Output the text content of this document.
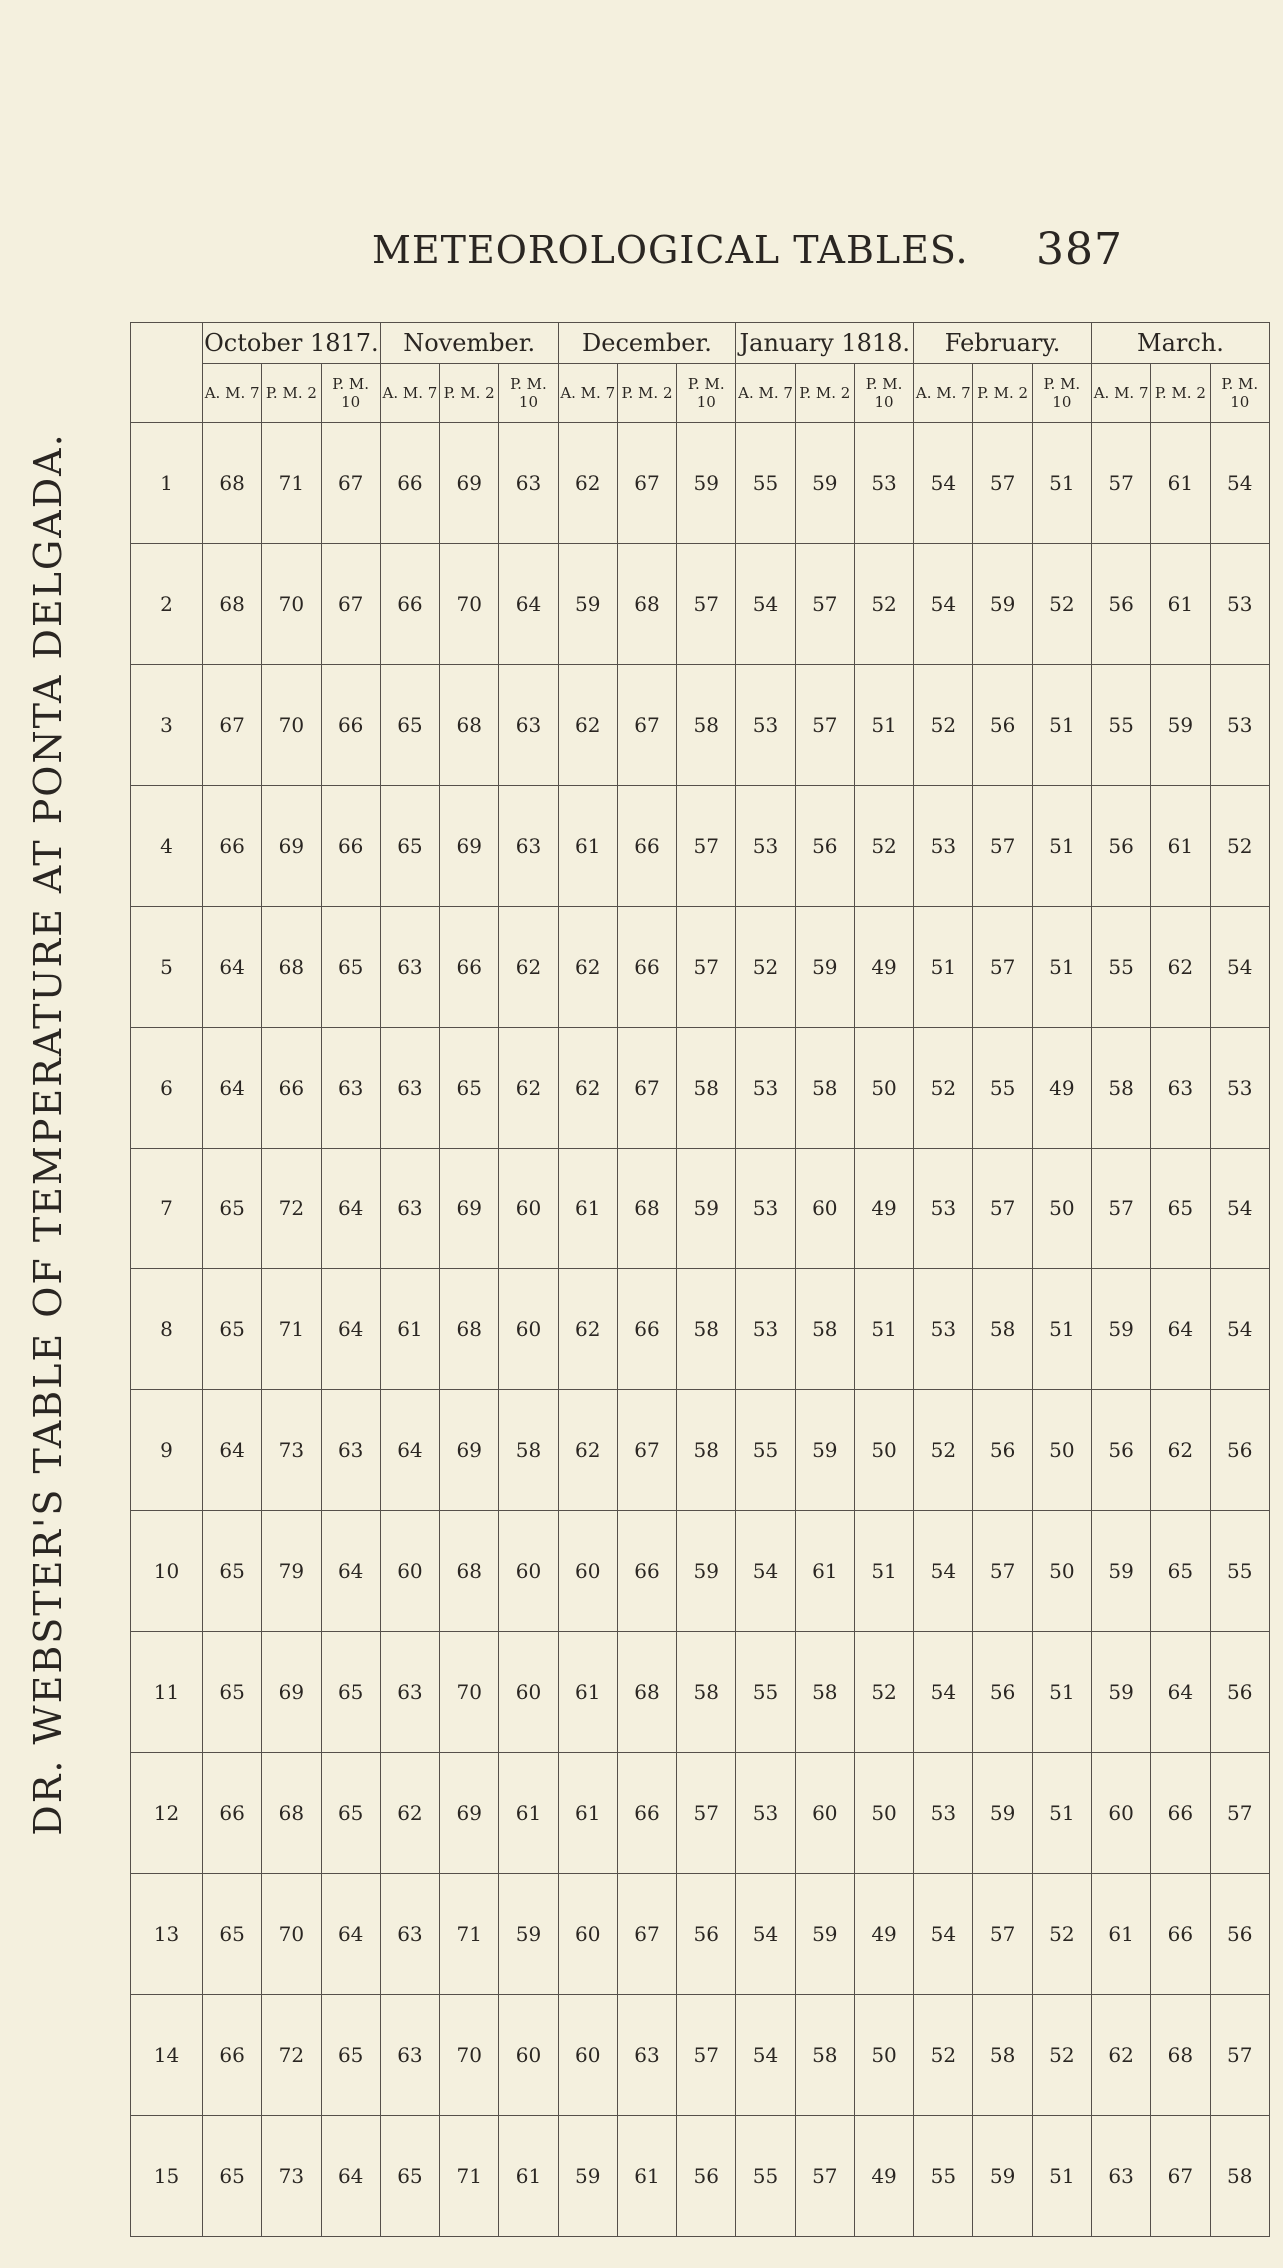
DR. WEBSTER'S TABLE OF TEMPERATURE AT PONTA DELGADA.
METEOROLOGICAL TABLES. 387
	October 1817.			November.			December.			January 1818.			February.			March.		
	A. M. 7	P. M. 2	P. M. 10	A. M. 7	P. M. 2	P. M. 10	A. M. 7	P. M. 2	P. M. 10	A. M. 7	P. M. 2	P. M. 10	A. M. 7	P. M. 2	P. M. 10	A. M. 7	P. M. 2	P. M. 10
1	68	71	67	66	69	63	62	67	59	55	59	53	54	57	51	57	61	54
2	68	70	67	66	70	64	59	68	57	54	57	52	54	59	52	56	61	53
3	67	70	66	65	68	63	62	67	58	53	57	51	52	56	51	55	59	53
4	66	69	66	65	69	63	61	66	57	53	56	52	53	57	51	56	61	52
5	64	68	65	63	66	62	62	66	57	52	59	49	51	57	51	55	62	54
6	64	66	63	63	65	62	62	67	58	53	58	50	52	55	49	58	63	53
7	65	72	64	63	69	60	61	68	59	53	60	49	53	57	50	57	65	54
8	65	71	64	61	68	60	62	66	58	53	58	51	53	58	51	59	64	54
9	64	73	63	64	69	58	62	67	58	55	59	50	52	56	50	56	62	56
10	65	79	64	60	68	60	60	66	59	54	61	51	54	57	50	59	65	55
11	65	69	65	63	70	60	61	68	58	55	58	52	54	56	51	59	64	56
12	66	68	65	62	69	61	61	66	57	53	60	50	53	59	51	60	66	57
13	65	70	64	63	71	59	60	67	56	54	59	49	54	57	52	61	66	56
14	66	72	65	63	70	60	60	63	57	54	58	50	52	58	52	62	68	57
15	65	73	64	65	71	61	59	61	56	55	57	49	55	59	51	63	67	58
